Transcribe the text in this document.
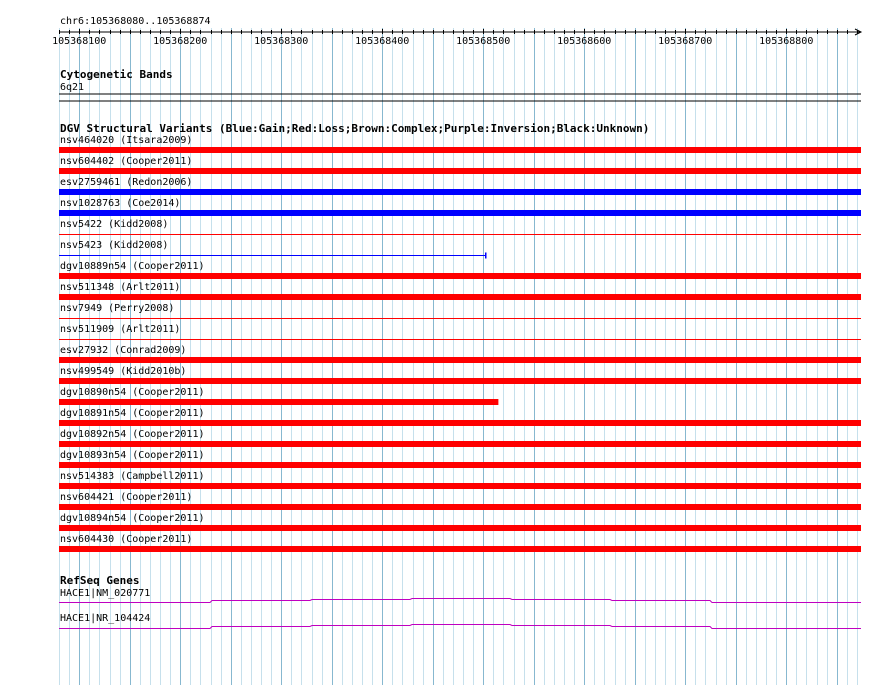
chr6:105368080..105368874
105368100	105368200	105368300	105368400	105368500	105368600	105368700	105368800
Cytogenetic Bands
6q21
DGV Structural Variants (Blue:Gain;Red:Loss;Brown:Complex;Purple:Inversion;Black:Unknown)
nsv464020 (Itsara2009)
nsv604402 (Cooper2011)
esv2759461 (Redon2006)
nsv1028763 (Coe2014)
nsv5422 (Kidd2008)
nsv5423 (Kidd2008)
dgv10889n54 (Cooper2011)
nsv511348 (Arlt2011)
nsv7949 (Perry2008)
nsv511909 (Arlt2011)
esv27932 (Conrad2009)
nsv499549 (Kidd2010b)
dgv10890n54 (Cooper2011)
dgv10891n54 (Cooper2011)
dgv10892n54 (Cooper2011)
dgv10893n54 (Cooper2011)
nsv514383 (Campbell2011)
nsv604421 (Cooper2011)
dgv10894n54 (Cooper2011)
nsv604430 (Cooper2011)
RefSeq Genes
HACE1|NM_020771
HACE1|NR_104424
